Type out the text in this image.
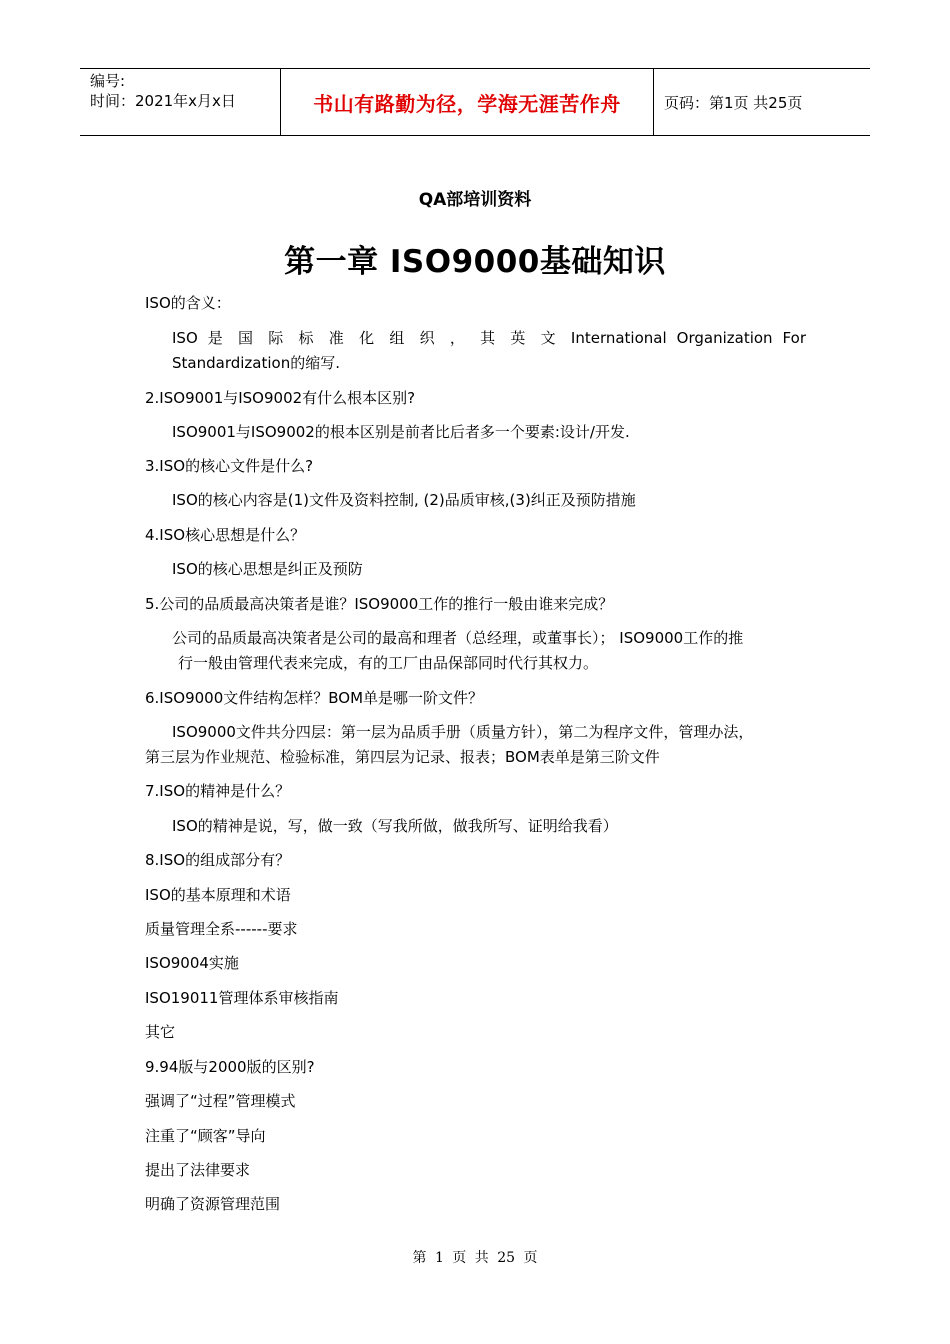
编号:
时间：2021年x月x日	书山有路勤为径，学海无涯苦作舟	页码：第1页 共25页
QA部培训资料
第一章 ISO9000基础知识
ISO的含义：
ISO 是 国 际 标 准 化 组 织 ， 其 英 文 International Organization For
Standardization的缩写.
2.ISO9001与ISO9002有什么根本区别?
ISO9001与ISO9002的根本区别是前者比后者多一个要素:设计/开发.
3.ISO的核心文件是什么?
ISO的核心内容是(1)文件及资料控制, (2)品质审核,(3)纠正及预防措施
4.ISO核心思想是什么？
ISO的核心思想是纠正及预防
5.公司的品质最高决策者是谁？ISO9000工作的推行一般由谁来完成？
公司的品质最高决策者是公司的最高和理者（总经理，或董事长）； ISO9000工作的推
行一般由管理代表来完成，有的工厂由品保部同时代行其权力。
6.ISO9000文件结构怎样？BOM单是哪一阶文件？
ISO9000文件共分四层：第一层为品质手册（质量方针），第二为程序文件，管理办法，
第三层为作业规范、检验标准，第四层为记录、报表；BOM表单是第三阶文件
7.ISO的精神是什么？
ISO的精神是说，写，做一致（写我所做，做我所写、证明给我看）
8.ISO的组成部分有？
ISO的基本原理和术语
质量管理全系------要求
ISO9004实施
ISO19011管理体系审核指南
其它
9.94版与2000版的区别?
强调了“过程”管理模式
注重了“顾客”导向
提出了法律要求
明确了资源管理范围
第 1 页 共 25 页
